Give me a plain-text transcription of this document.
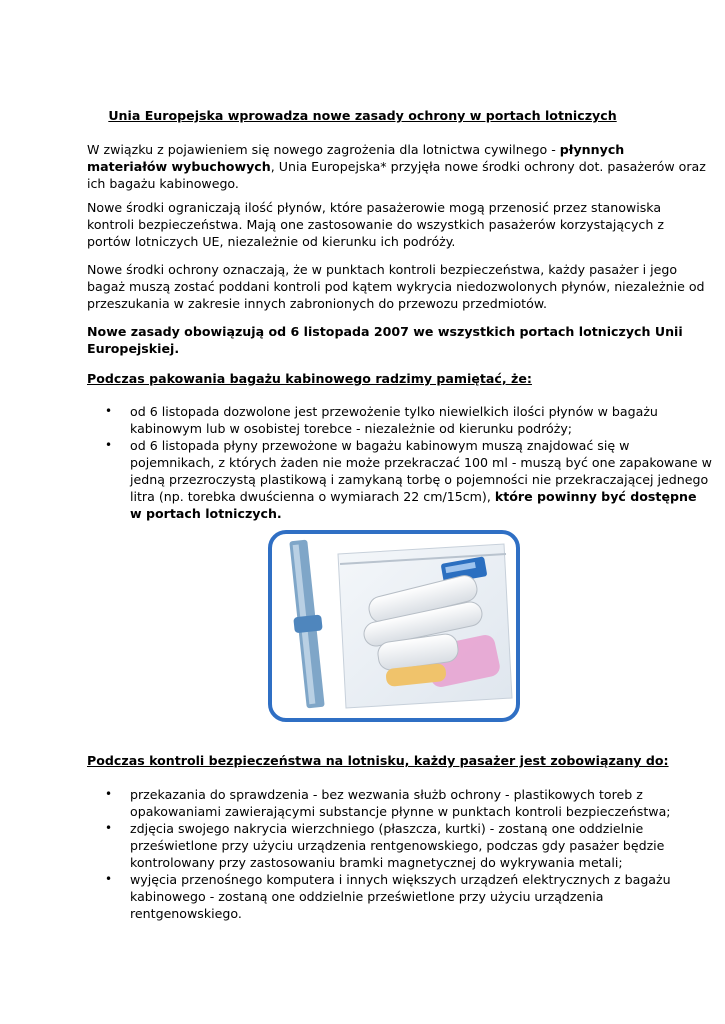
Unia Europejska wprowadza nowe zasady ochrony w portach lotniczych

W związku z pojawieniem się nowego zagrożenia dla lotnictwa cywilnego - płynnych materiałów wybuchowych, Unia Europejska* przyjęła nowe środki ochrony dot. pasażerów oraz ich bagażu kabinowego.

Nowe środki ograniczają ilość płynów, które pasażerowie mogą przenosić przez stanowiska kontroli bezpieczeństwa. Mają one zastosowanie do wszystkich pasażerów korzystających z portów lotniczych UE, niezależnie od kierunku ich podróży.

Nowe środki ochrony oznaczają, że w punktach kontroli bezpieczeństwa, każdy pasażer i jego bagaż muszą zostać poddani kontroli pod kątem wykrycia niedozwolonych płynów, niezależnie od przeszukania w zakresie innych zabronionych do przewozu przedmiotów.

Nowe zasady obowiązują od 6 listopada 2007 we wszystkich portach lotniczych Unii Europejskiej.

Podczas pakowania bagażu kabinowego radzimy pamiętać, że:

• od 6 listopada dozwolone jest przewożenie tylko niewielkich ilości płynów w bagażu kabinowym lub w osobistej torebce - niezależnie od kierunku podróży;
• od 6 listopada płyny przewożone w bagażu kabinowym muszą znajdować się w pojemnikach, z których żaden nie może przekraczać 100 ml - muszą być one zapakowane w jedną przezroczystą plastikową i zamykaną torbę o pojemności nie przekraczającej jednego litra (np. torebka dwuścienna o wymiarach 22 cm/15cm), które powinny być dostępne w portach lotniczych.

Podczas kontroli bezpieczeństwa na lotnisku, każdy pasażer jest zobowiązany do:

• przekazania do sprawdzenia - bez wezwania służb ochrony - plastikowych toreb z opakowaniami zawierającymi substancje płynne w punktach kontroli bezpieczeństwa;
• zdjęcia swojego nakrycia wierzchniego (płaszcza, kurtki) - zostaną one oddzielnie prześwietlone przy użyciu urządzenia rentgenowskiego, podczas gdy pasażer będzie kontrolowany przy zastosowaniu bramki magnetycznej do wykrywania metali;
• wyjęcia przenośnego komputera i innych większych urządzeń elektrycznych z bagażu kabinowego - zostaną one oddzielnie prześwietlone przy użyciu urządzenia rentgenowskiego.
